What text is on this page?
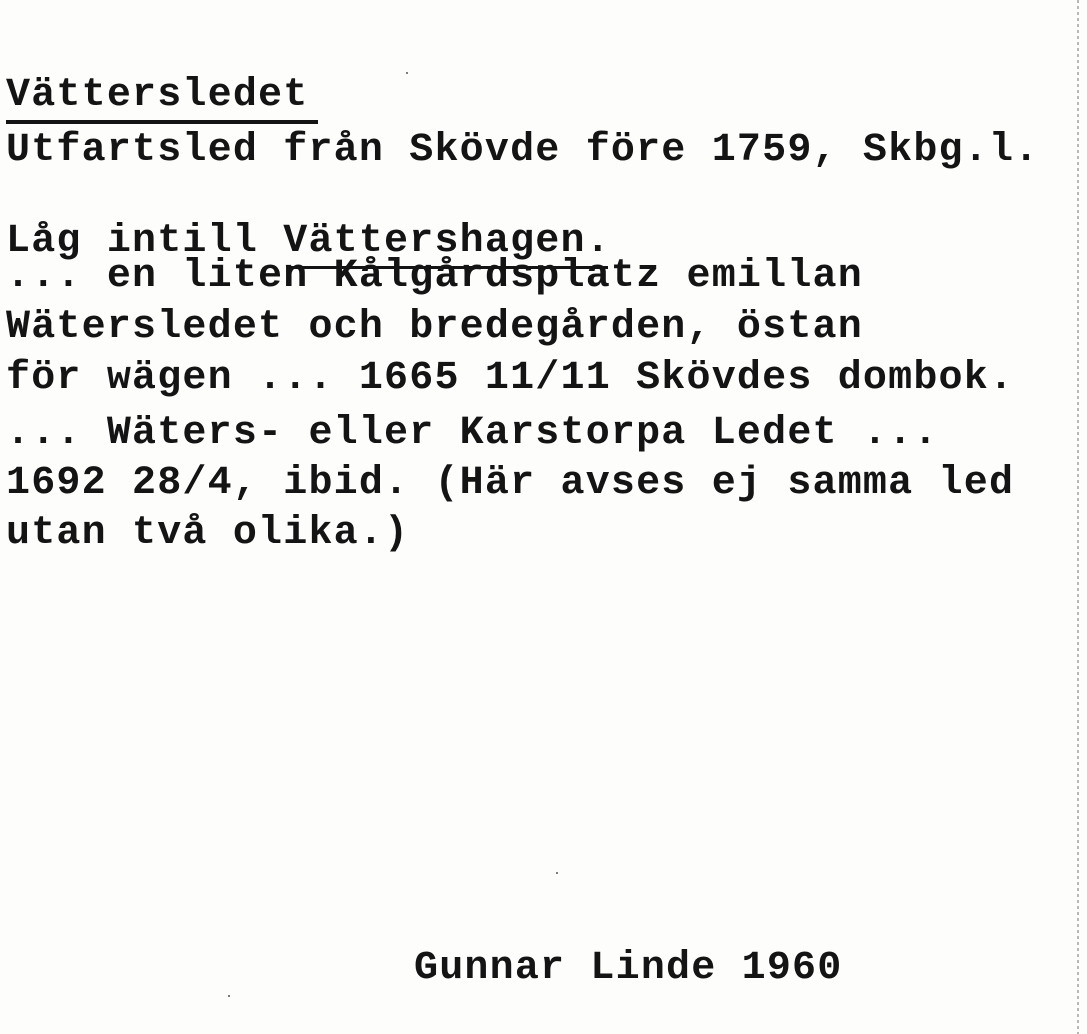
Vättersledet

Utfartsled från Skövde före 1759, Skbg.l.

Låg intill Vättershagen.

... en liten Kålgårdsplatz emillan

Wätersledet och bredegården, östan

för wägen ... 1665 11/11 Skövdes dombok.

... Wäters- eller Karstorpa Ledet ...

1692 28/4, ibid. (Här avses ej samma led

utan två olika.)

Gunnar Linde 1960
